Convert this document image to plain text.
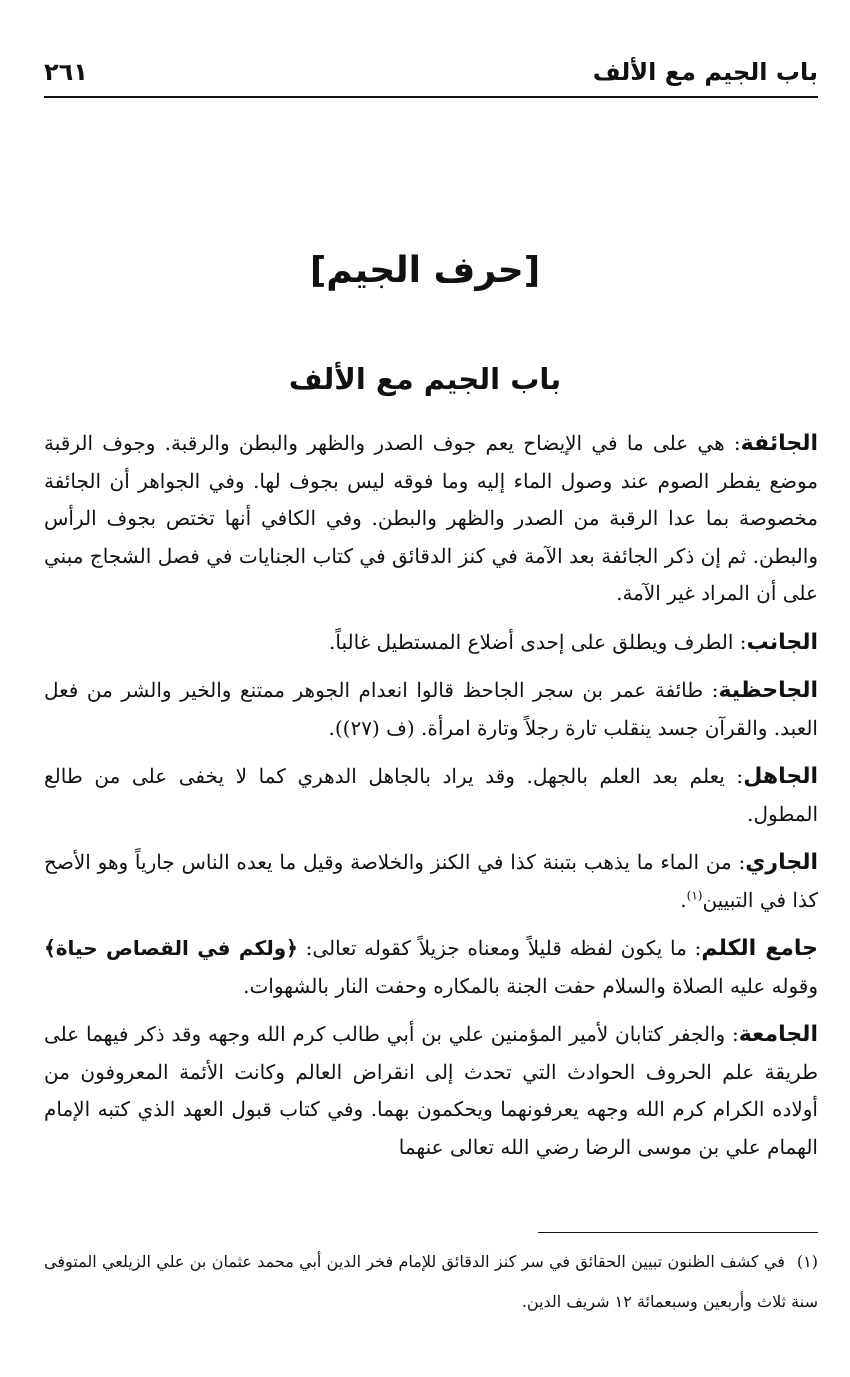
باب الجيم مع الألف
٢٦١
[حرف الجيم]
باب الجيم مع الألف

الجائفة: هي على ما في الإيضاح يعم جوف الصدر والظهر والبطن والرقبة. وجوف الرقبة موضع يفطر الصوم عند وصول الماء إليه وما فوقه ليس بجوف لها. وفي الجواهر أن الجائفة مخصوصة بما عدا الرقبة من الصدر والظهر والبطن. وفي الكافي أنها تختص بجوف الرأس والبطن. ثم إن ذكر الجائفة بعد الآمة في كنز الدقائق في كتاب الجنايات في فصل الشجاج مبني على أن المراد غير الآمة.

الجانب: الطرف ويطلق على إحدى أضلاع المستطيل غالباً.

الجاحظية: طائفة عمر بن سجر الجاحظ قالوا انعدام الجوهر ممتنع والخير والشر من فعل العبد. والقرآن جسد ينقلب تارة رجلاً وتارة امرأة. (ف (٢٧)).

الجاهل: يعلم بعد العلم بالجهل. وقد يراد بالجاهل الدهري كما لا يخفى على من طالع المطول.

الجاري: من الماء ما يذهب بتبنة كذا في الكنز والخلاصة وقيل ما يعده الناس جارياً وهو الأصح كذا في التبيين$^{(١)}$.

جامع الكلم: ما يكون لفظه قليلاً ومعناه جزيلاً كقوله تعالى: ﴿ولكم في القصاص حياة﴾ وقوله عليه الصلاة والسلام حفت الجنة بالمكاره وحفت النار بالشهوات.

الجامعة: والجفر كتابان لأمير المؤمنين علي بن أبي طالب كرم الله وجهه وقد ذكر فيهما على طريقة علم الحروف الحوادث التي تحدث إلى انقراض العالم وكانت الأئمة المعروفون من أولاده الكرام كرم الله وجهه يعرفونهما ويحكمون بهما. وفي كتاب قبول العهد الذي كتبه الإمام الهمام علي بن موسى الرضا رضي الله تعالى عنهما

(١)في كشف الظنون تبيين الحقائق في سر كنز الدقائق للإمام فخر الدين أبي محمد عثمان بن علي الزيلعي المتوفى سنة ثلاث وأربعين وسبعمائة ١٢ شريف الدين.
